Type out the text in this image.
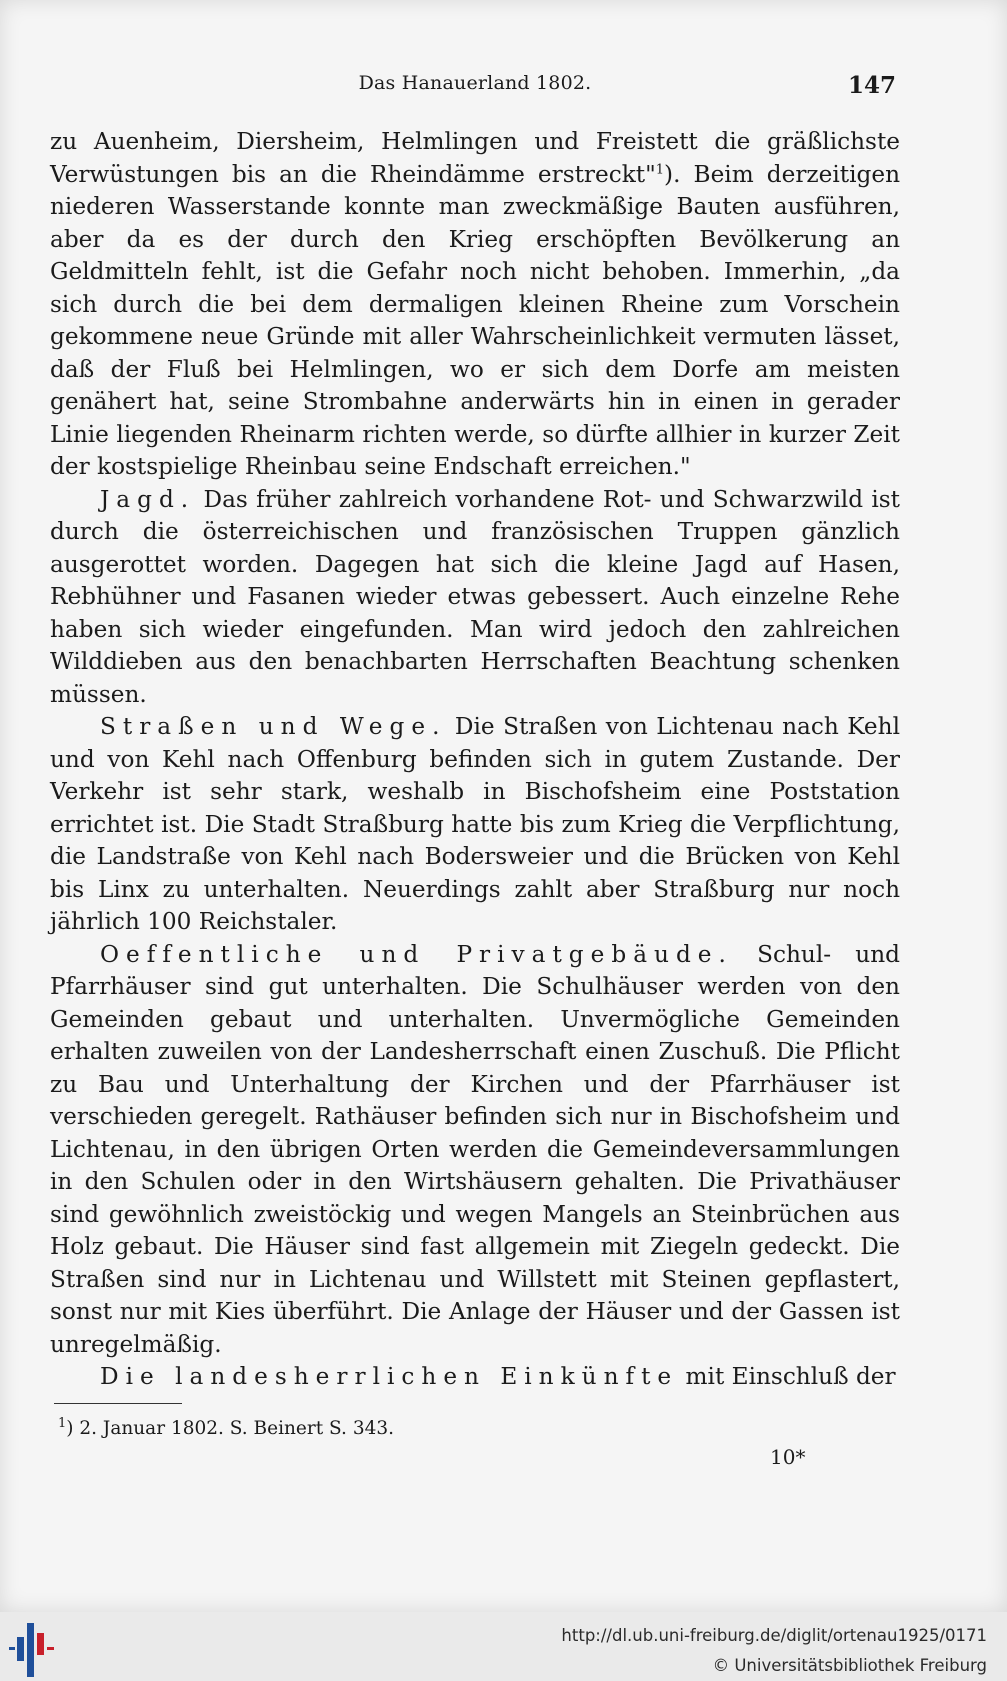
Das Hanauerland 1802.	147

zu Auenheim, Diersheim, Helmlingen und Freistett die gräßlichste Verwüstungen bis an die Rheindämme erstreckt"$^1$). Beim derzeitigen niederen Wasserstande konnte man zweckmäßige Bauten ausführen, aber da es der durch den Krieg erschöpften Bevölkerung an Geldmitteln fehlt, ist die Gefahr noch nicht behoben. Immerhin, „da sich durch die bei dem dermaligen kleinen Rheine zum Vorschein gekommene neue Gründe mit aller Wahrscheinlichkeit vermuten lässet, daß der Fluß bei Helmlingen, wo er sich dem Dorfe am meisten genähert hat, seine Strombahne anderwärts hin in einen in gerader Linie liegenden Rheinarm richten werde, so dürfte allhier in kurzer Zeit der kostspielige Rheinbau seine Endschaft erreichen."

Jagd. Das früher zahlreich vorhandene Rot- und Schwarzwild ist durch die österreichischen und französischen Truppen gänzlich ausgerottet worden. Dagegen hat sich die kleine Jagd auf Hasen, Rebhühner und Fasanen wieder etwas gebessert. Auch einzelne Rehe haben sich wieder eingefunden. Man wird jedoch den zahlreichen Wilddieben aus den benachbarten Herrschaften Beachtung schenken müssen.

Straßen und Wege. Die Straßen von Lichtenau nach Kehl und von Kehl nach Offenburg befinden sich in gutem Zustande. Der Verkehr ist sehr stark, weshalb in Bischofsheim eine Poststation errichtet ist. Die Stadt Straßburg hatte bis zum Krieg die Verpflichtung, die Landstraße von Kehl nach Bodersweier und die Brücken von Kehl bis Linx zu unterhalten. Neuerdings zahlt aber Straßburg nur noch jährlich 100 Reichstaler.

Oeffentliche und Privatgebäude. Schul- und Pfarrhäuser sind gut unterhalten. Die Schulhäuser werden von den Gemeinden gebaut und unterhalten. Unvermögliche Gemeinden erhalten zuweilen von der Landesherrschaft einen Zuschuß. Die Pflicht zu Bau und Unterhaltung der Kirchen und der Pfarrhäuser ist verschieden geregelt. Rathäuser befinden sich nur in Bischofsheim und Lichtenau, in den übrigen Orten werden die Gemeindeversammlungen in den Schulen oder in den Wirtshäusern gehalten. Die Privathäuser sind gewöhnlich zweistöckig und wegen Mangels an Steinbrüchen aus Holz gebaut. Die Häuser sind fast allgemein mit Ziegeln gedeckt. Die Straßen sind nur in Lichtenau und Willstett mit Steinen gepflastert, sonst nur mit Kies überführt. Die Anlage der Häuser und der Gassen ist unregelmäßig.

Die landesherrlichen Einkünfte mit Einschluß der

$^1$) 2. Januar 1802. S. Beinert S. 343.
10*
http://dl.ub.uni-freiburg.de/diglit/ortenau1925/0171
© Universitätsbibliothek Freiburg
